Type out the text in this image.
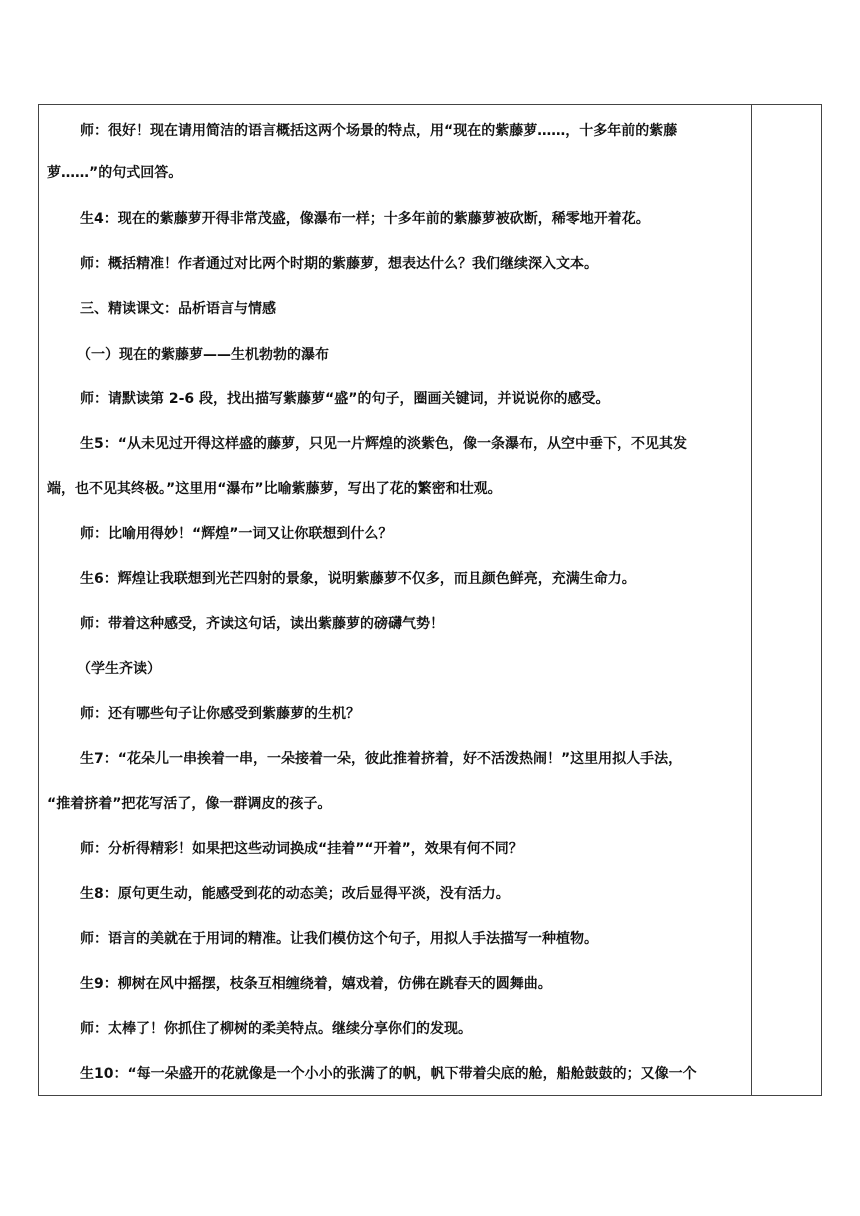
师：很好！现在请用简洁的语言概括这两个场景的特点，用“现在的紫藤萝……，十多年前的紫藤
萝……”的句式回答。
生4：现在的紫藤萝开得非常茂盛，像瀑布一样；十多年前的紫藤萝被砍断，稀零地开着花。
师：概括精准！作者通过对比两个时期的紫藤萝，想表达什么？我们继续深入文本。
三、精读课文：品析语言与情感
（一）现在的紫藤萝——生机勃勃的瀑布
师：请默读第 2-6 段，找出描写紫藤萝“盛”的句子，圈画关键词，并说说你的感受。
生5：“从未见过开得这样盛的藤萝，只见一片辉煌的淡紫色，像一条瀑布，从空中垂下，不见其发
端，也不见其终极。”这里用“瀑布”比喻紫藤萝，写出了花的繁密和壮观。
师：比喻用得妙！“辉煌”一词又让你联想到什么？
生6：辉煌让我联想到光芒四射的景象，说明紫藤萝不仅多，而且颜色鲜亮，充满生命力。
师：带着这种感受，齐读这句话，读出紫藤萝的磅礴气势！
（学生齐读）
师：还有哪些句子让你感受到紫藤萝的生机？
生7：“花朵儿一串挨着一串，一朵接着一朵，彼此推着挤着，好不活泼热闹！”这里用拟人手法，
“推着挤着”把花写活了，像一群调皮的孩子。
师：分析得精彩！如果把这些动词换成“挂着”“开着”，效果有何不同？
生8：原句更生动，能感受到花的动态美；改后显得平淡，没有活力。
师：语言的美就在于用词的精准。让我们模仿这个句子，用拟人手法描写一种植物。
生9：柳树在风中摇摆，枝条互相缠绕着，嬉戏着，仿佛在跳春天的圆舞曲。
师：太棒了！你抓住了柳树的柔美特点。继续分享你们的发现。
生10：“每一朵盛开的花就像是一个小小的张满了的帆，帆下带着尖底的舱，船舱鼓鼓的；又像一个
